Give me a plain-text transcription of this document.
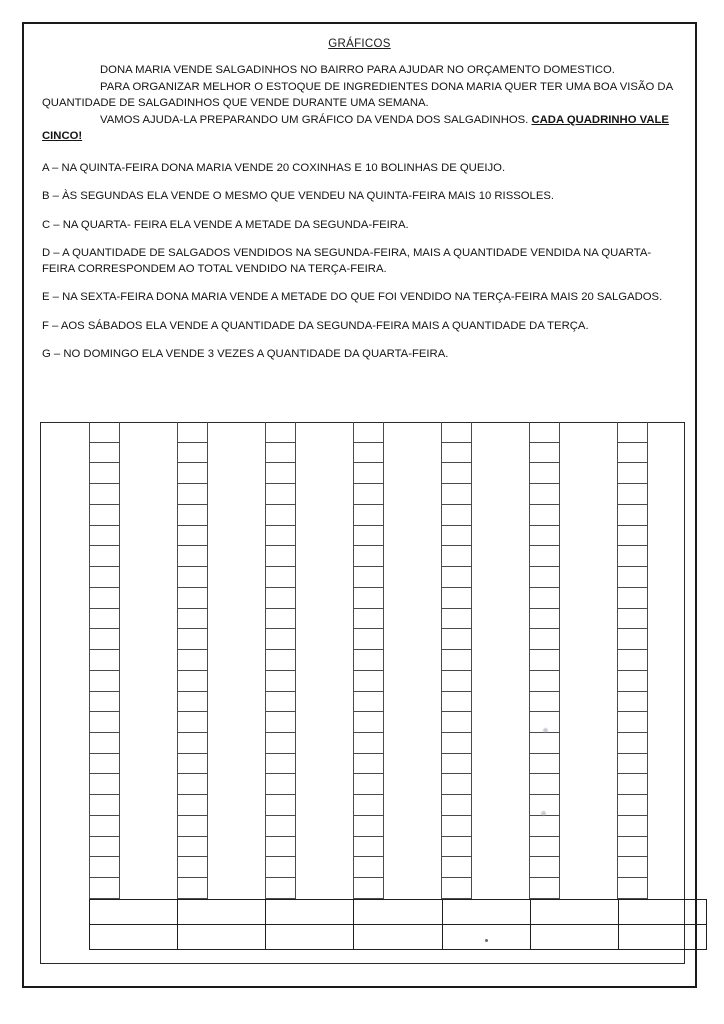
GRÁFICOS

DONA MARIA VENDE SALGADINHOS NO BAIRRO PARA AJUDAR NO ORÇAMENTO DOMESTICO.

PARA ORGANIZAR MELHOR O ESTOQUE DE INGREDIENTES DONA MARIA QUER TER UMA BOA VISÃO DA QUANTIDADE DE SALGADINHOS QUE VENDE DURANTE UMA SEMANA.

VAMOS AJUDA-LA PREPARANDO UM GRÁFICO DA VENDA DOS SALGADINHOS. CADA QUADRINHO VALE CINCO!

A – NA QUINTA-FEIRA DONA MARIA VENDE 20 COXINHAS E 10 BOLINHAS DE QUEIJO.
B – ÀS SEGUNDAS ELA VENDE O MESMO QUE VENDEU NA QUINTA-FEIRA MAIS 10 RISSOLES.
C – NA QUARTA- FEIRA ELA VENDE A METADE DA SEGUNDA-FEIRA.
D – A QUANTIDADE DE SALGADOS VENDIDOS NA SEGUNDA-FEIRA, MAIS A QUANTIDADE VENDIDA NA QUARTA-FEIRA CORRESPONDEM AO TOTAL VENDIDO NA TERÇA-FEIRA.
E – NA SEXTA-FEIRA DONA MARIA VENDE A METADE DO QUE FOI VENDIDO NA TERÇA-FEIRA MAIS 20 SALGADOS.
F – AOS SÁBADOS ELA VENDE A QUANTIDADE DA SEGUNDA-FEIRA MAIS A QUANTIDADE DA TERÇA.
G – NO DOMINGO ELA VENDE 3 VEZES A QUANTIDADE DA QUARTA-FEIRA.
